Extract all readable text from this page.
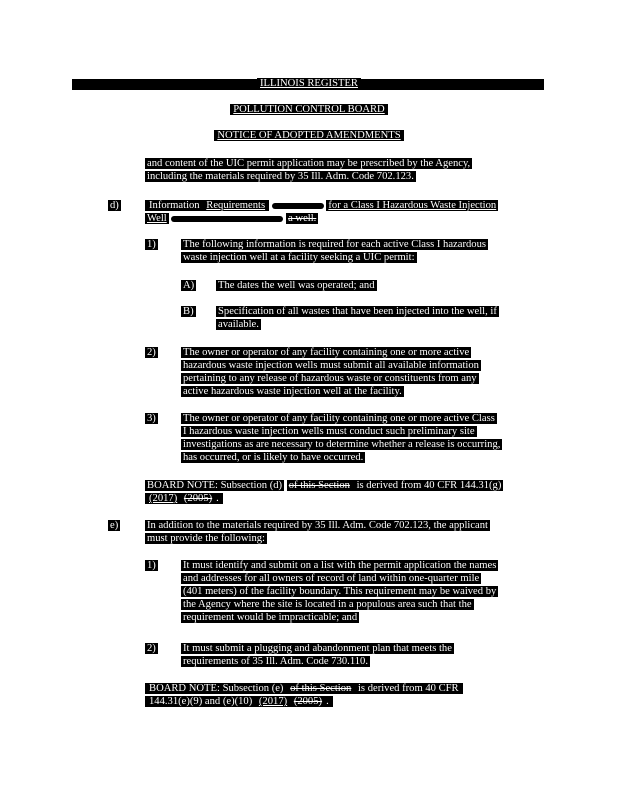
ILLINOIS REGISTER
POLLUTION CONTROL BOARD
NOTICE OF ADOPTED AMENDMENTS
and content of the UIC permit application may be prescribed by the Agency,
including the materials required by 35 Ill. Adm. Code 702.123.
d)	Information Requirements	for a Class I Hazardous Waste Injection
Well	a well.
1)	The following information is required for each active Class I hazardous
waste injection well at a facility seeking a UIC permit:
A) The dates the well was operated; and
B) Specification of all wastes that have been injected into the well, if
available.
2)	The owner or operator of any facility containing one or more active
hazardous waste injection wells must submit all available information
pertaining to any release of hazardous waste or constituents from any
active hazardous waste injection well at the facility.
3)	The owner or operator of any facility containing one or more active Class
I hazardous waste injection wells must conduct such preliminary site
investigations as are necessary to determine whether a release is occurring,
has occurred, or is likely to have occurred.
BOARD NOTE: Subsection (d) of this Section is derived from 40 CFR 144.31(g)
(2017) (2005) .
e)	In addition to the materials required by 35 Ill. Adm. Code 702.123, the applicant
must provide the following:
1)	It must identify and submit on a list with the permit application the names
and addresses for all owners of record of land within one-quarter mile
(401 meters) of the facility boundary. This requirement may be waived by
the Agency where the site is located in a populous area such that the
requirement would be impracticable; and
2)	It must submit a plugging and abandonment plan that meets the
requirements of 35 Ill. Adm. Code 730.110.
BOARD NOTE: Subsection (e) of this Section is derived from 40 CFR
144.31(e)(9) and (e)(10) (2017) (2005) .
